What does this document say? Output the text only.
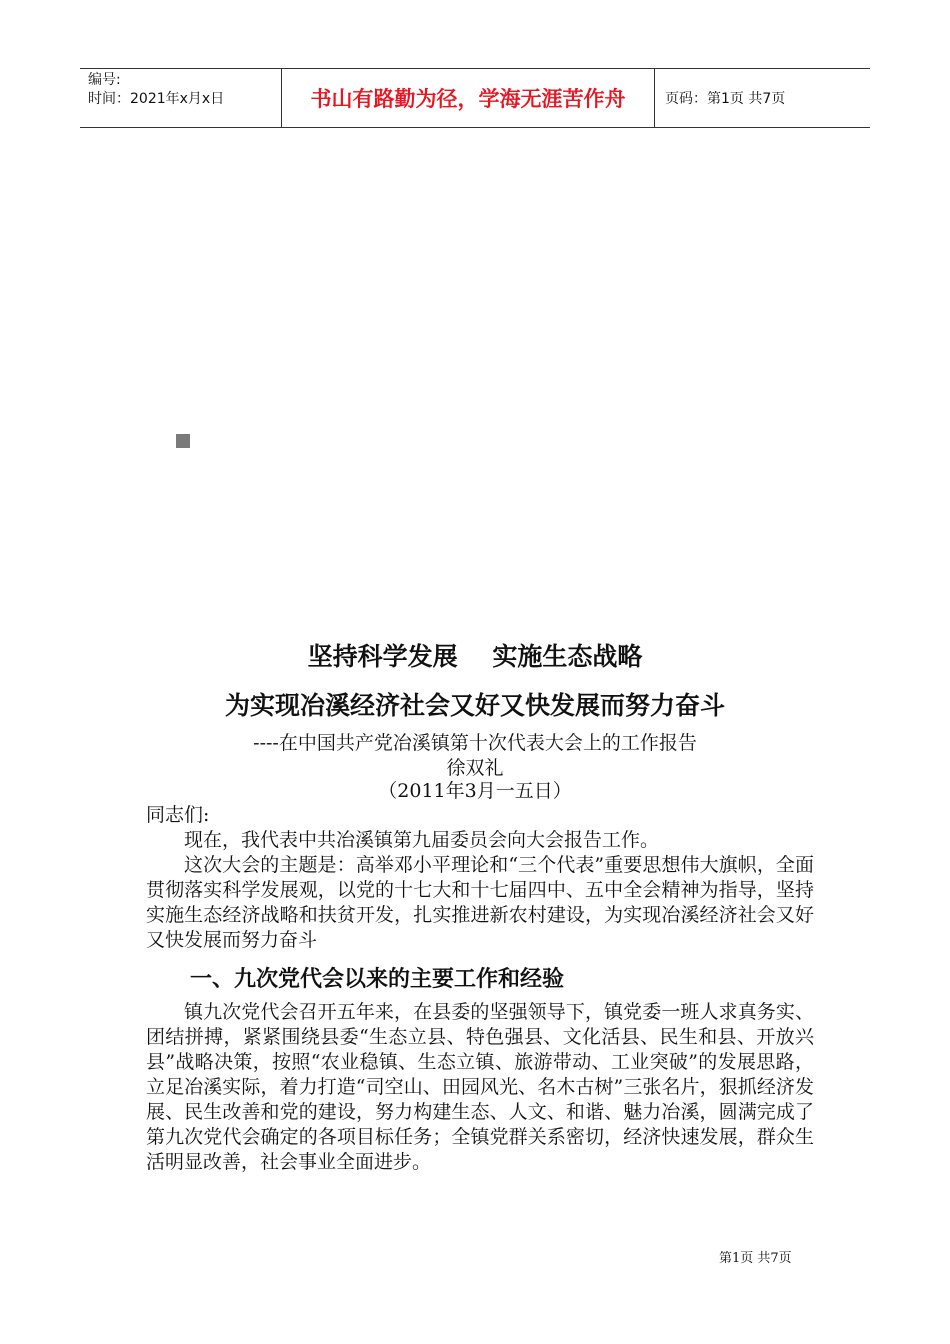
编号:
时间：2021年x月x日	书山有路勤为径，学海无涯苦作舟	页码：第1页 共7页
坚持科学发展    实施生态战略
为实现冶溪经济社会又好又快发展而努力奋斗
----在中国共产党冶溪镇第十次代表大会上的工作报告
徐双礼
（2011年3月一五日）
同志们:

现在，我代表中共冶溪镇第九届委员会向大会报告工作。

这次大会的主题是：高举邓小平理论和“三个代表”重要思想伟大旗帜，全面贯彻落实科学发展观，以党的十七大和十七届四中、五中全会精神为指导，坚持实施生态经济战略和扶贫开发，扎实推进新农村建设，为实现冶溪经济社会又好又快发展而努力奋斗

一、九次党代会以来的主要工作和经验

镇九次党代会召开五年来，在县委的坚强领导下，镇党委一班人求真务实、团结拼搏，紧紧围绕县委“生态立县、特色强县、文化活县、民生和县、开放兴县”战略决策，按照“农业稳镇、生态立镇、旅游带动、工业突破”的发展思路，立足冶溪实际，着力打造“司空山、田园风光、名木古树”三张名片，狠抓经济发展、民生改善和党的建设，努力构建生态、人文、和谐、魅力冶溪，圆满完成了第九次党代会确定的各项目标任务；全镇党群关系密切，经济快速发展，群众生活明显改善，社会事业全面进步。

第1页 共7页
